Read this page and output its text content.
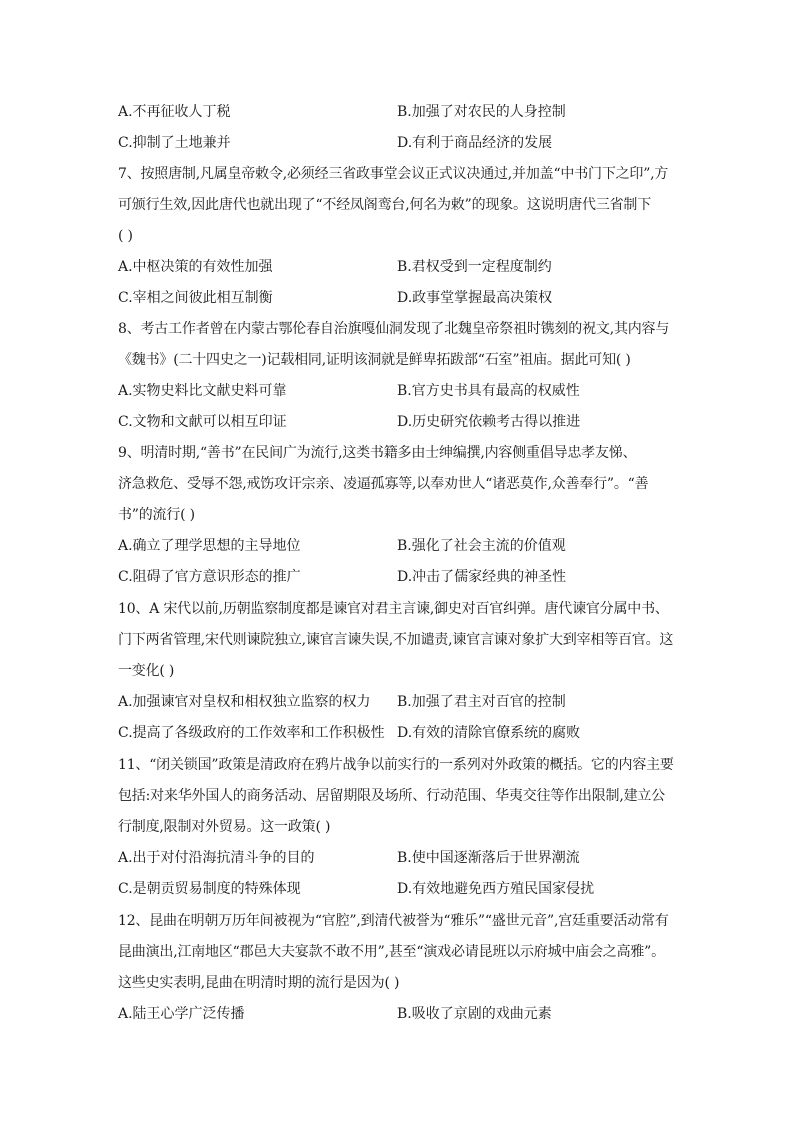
A.不再征收人丁税	B.加强了对农民的人身控制
C.抑制了土地兼并	D.有利于商品经济的发展
7、按照唐制,凡属皇帝敕令,必须经三省政事堂会议正式议决通过,并加盖“中书门下之印”,方
可颁行生效,因此唐代也就出现了“不经凤阁鸾台,何名为敕”的现象。这说明唐代三省制下
( )
A.中枢决策的有效性加强	B.君权受到一定程度制约
C.宰相之间彼此相互制衡	D.政事堂掌握最高决策权
8、考古工作者曾在内蒙古鄂伦春自治旗嘎仙洞发现了北魏皇帝祭祖时镌刻的祝文,其内容与
《魏书》(二十四史之一)记载相同,证明该洞就是鲜卑拓跋部“石室”祖庙。据此可知( )
A.实物史料比文献史料可靠	B.官方史书具有最高的权威性
C.文物和文献可以相互印证	D.历史研究依赖考古得以推进
9、明清时期,“善书”在民间广为流行,这类书籍多由士绅编撰,内容侧重倡导忠孝友悌、
济急救危、受辱不怨,戒饬攻讦宗亲、凌逼孤寡等,以奉劝世人“诸恶莫作,众善奉行”。“善
书”的流行( )
A.确立了理学思想的主导地位	B.强化了社会主流的价值观
C.阻碍了官方意识形态的推广	D.冲击了儒家经典的神圣性
10、A 宋代以前,历朝监察制度都是谏官对君主言谏,御史对百官纠弹。唐代谏官分属中书、
门下两省管理,宋代则谏院独立,谏官言谏失误,不加谴责,谏官言谏对象扩大到宰相等百官。这
一变化( )
A.加强谏官对皇权和相权独立监察的权力 B.加强了君主对百官的控制
C.提高了各级政府的工作效率和工作积极性 D.有效的清除官僚系统的腐败
11、“闭关锁国”政策是清政府在鸦片战争以前实行的一系列对外政策的概括。它的内容主要
包括:对来华外国人的商务活动、居留期限及场所、行动范围、华夷交往等作出限制,建立公
行制度,限制对外贸易。这一政策( )
A.出于对付沿海抗清斗争的目的	B.使中国逐渐落后于世界潮流
C.是朝贡贸易制度的特殊体现	D.有效地避免西方殖民国家侵扰
12、昆曲在明朝万历年间被视为“官腔”,到清代被誉为“雅乐”“盛世元音”,宫廷重要活动常有
昆曲演出,江南地区“郡邑大夫宴款不敢不用”,甚至“演戏必请昆班以示府城中庙会之高雅”。
这些史实表明,昆曲在明清时期的流行是因为( )
A.陆王心学广泛传播	B.吸收了京剧的戏曲元素
